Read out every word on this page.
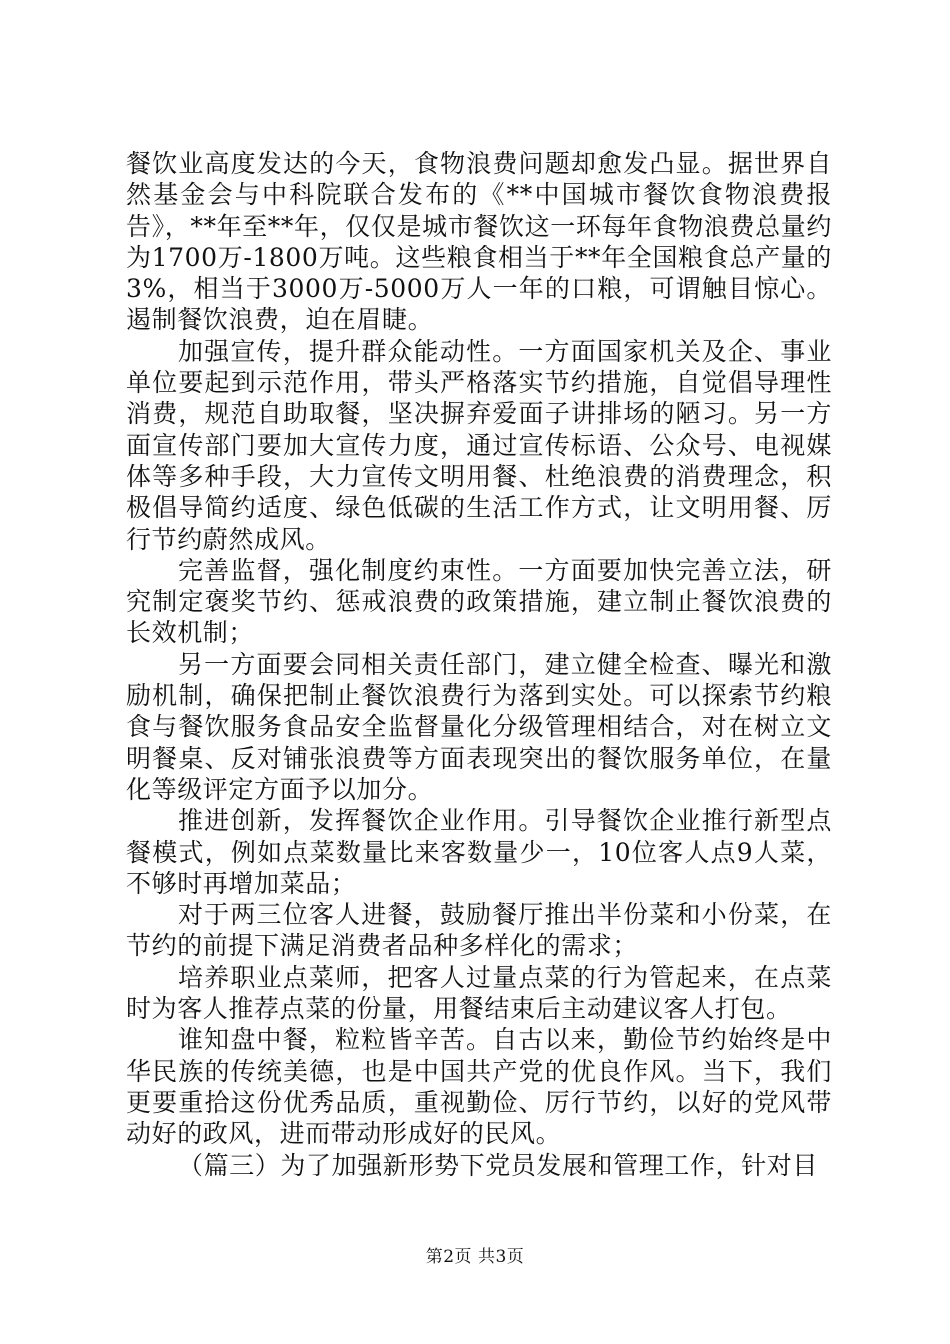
餐饮业高度发达的今天，食物浪费问题却愈发凸显。据世界自然基金会与中科院联合发布的《**中国城市餐饮食物浪费报告》，**年至**年，仅仅是城市餐饮这一环每年食物浪费总量约为1700万-1800万吨。这些粮食相当于**年全国粮食总产量的3%，相当于3000万-5000万人一年的口粮，可谓触目惊心。遏制餐饮浪费，迫在眉睫。

加强宣传，提升群众能动性。一方面国家机关及企、事业单位要起到示范作用，带头严格落实节约措施，自觉倡导理性消费，规范自助取餐，坚决摒弃爱面子讲排场的陋习。另一方面宣传部门要加大宣传力度，通过宣传标语、公众号、电视媒体等多种手段，大力宣传文明用餐、杜绝浪费的消费理念，积极倡导简约适度、绿色低碳的生活工作方式，让文明用餐、厉行节约蔚然成风。

完善监督，强化制度约束性。一方面要加快完善立法，研究制定褒奖节约、惩戒浪费的政策措施，建立制止餐饮浪费的长效机制；

另一方面要会同相关责任部门，建立健全检查、曝光和激励机制，确保把制止餐饮浪费行为落到实处。可以探索节约粮食与餐饮服务食品安全监督量化分级管理相结合，对在树立文明餐桌、反对铺张浪费等方面表现突出的餐饮服务单位，在量化等级评定方面予以加分。

推进创新，发挥餐饮企业作用。引导餐饮企业推行新型点餐模式，例如点菜数量比来客数量少一，10位客人点9人菜，不够时再增加菜品；

对于两三位客人进餐，鼓励餐厅推出半份菜和小份菜，在节约的前提下满足消费者品种多样化的需求；

培养职业点菜师，把客人过量点菜的行为管起来，在点菜时为客人推荐点菜的份量，用餐结束后主动建议客人打包。

谁知盘中餐，粒粒皆辛苦。自古以来，勤俭节约始终是中华民族的传统美德，也是中国共产党的优良作风。当下，我们更要重拾这份优秀品质，重视勤俭、厉行节约，以好的党风带动好的政风，进而带动形成好的民风。

（篇三）为了加强新形势下党员发展和管理工作，针对目

第2页 共3页
